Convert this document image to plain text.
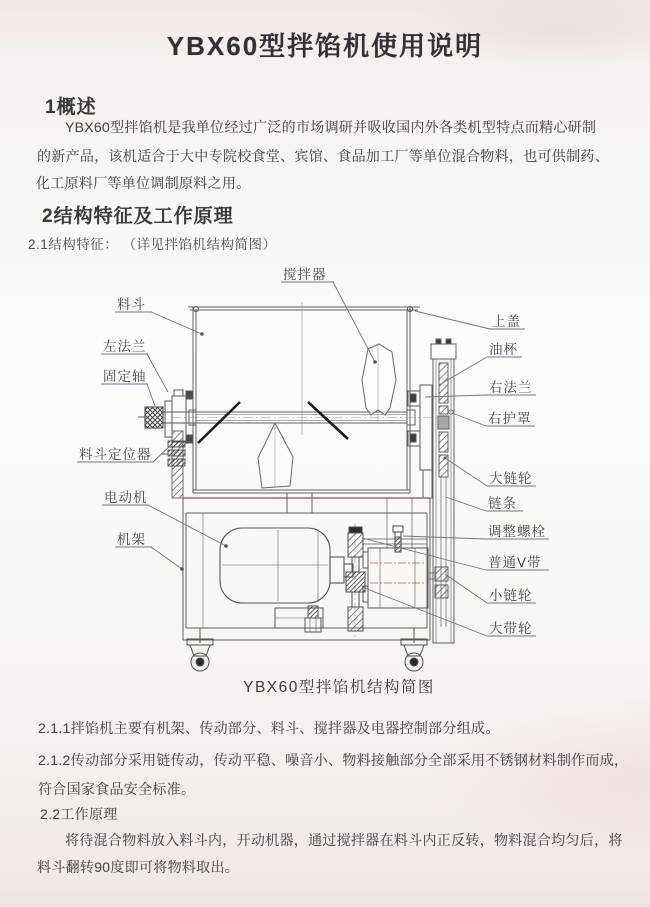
YBX60型拌馅机使用说明
1概述
YBX60型拌馅机是我单位经过广泛的市场调研并吸收国内外各类机型特点而精心研制
的新产品，该机适合于大中专院校食堂、宾馆、食品加工厂等单位混合物料，也可供制药、
化工原料厂等单位调制原料之用。
2结构特征及工作原理
2.1结构特征： （详见拌馅机结构简图）
搅拌器
料斗
左法兰
固定轴
料斗定位器
电动机
机架
上盖
油杯
右法兰
右护罩
大链轮
链条
调整螺栓
普通V带
小链轮
大带轮
YBX60型拌馅机结构简图
2.1.1拌馅机主要有机架、传动部分、料斗、搅拌器及电器控制部分组成。
2.1.2传动部分采用链传动，传动平稳、噪音小、物料接触部分全部采用不锈钢材料制作而成，
符合国家食品安全标准。
2.2工作原理
将待混合物料放入料斗内，开动机器，通过搅拌器在料斗内正反转，物料混合均匀后，将
料斗翻转90度即可将物料取出。
